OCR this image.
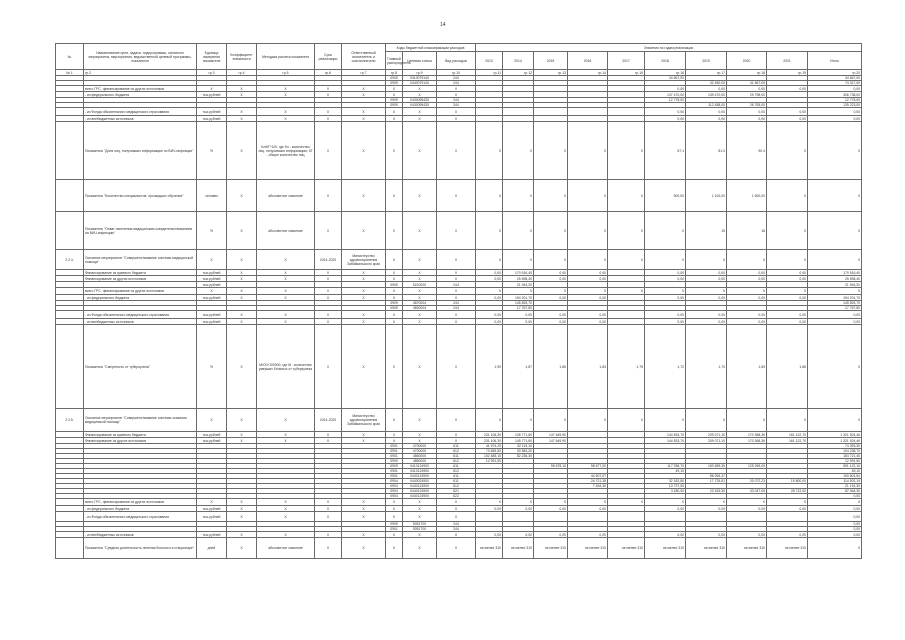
14
№	Наименование цели, задачи, подпрограммы, основного мероприятия, мероприятия, ведомственной целевой программы, показателя	Единица измерения показателя	Коэффициент значимости	Методика расчета показателя	Срок реализации	Ответственный исполнитель и соисполнители	Коды бюджетной классификации расходов			Значения по годам реализации									
							Главный распорядитель	Целевая статья	Вид расходов	2013	2014	2015	2016	2017	2018	2019	2020	2021	Итого
№ 1	гр.2	гр.3	гр.4	гр.5	гр.6	гр.7	гр.8	гр.9	гр.10	гр.11	гр.12	гр.13	гр.14	гр.15	гр.16	гр.17	гр.18	гр.19	гр.20
							0909	0310079140	244						34 667,00				34 667,00
							0909	0440079140	244							32 450,00	41 867,00		74 317,00
	всего ГРС, финансирование из других источников	X	X	X	X	X	X	X	X						0,00	0,00	0,00	0,00	0,00
	- из федерального бюджета	тыс.рублей	X	X	X	X	X	X	X						137 470,00	139 470,00	29 798,00		306 738,00
							0909	0430095430	244						12 778,00				12 778,00
							0909	0430095430	244							112 458,00	26 765,00		139 223,00
	- из Фонда обязательного медицинского страхования	тыс.рублей	X	X	X	X	X	X	X						0,00	0,00	0,00	0,00	0,00
	- из внебюджетных источников	тыс.рублей	X	X	X	X	X	X	X						0,00	0,00	0,00	0,00	0,00
	Показатель "Доля лиц, получивших информацию по ВИЧ-инфекции"	%	X	Кл/КГ*100, где Кл - количество лиц, получивших информацию; КГ - общее количество лиц	X	X	X	X	X	X	X	X	X	X	67,1	81,0	90,4	X	X
	Показатель "Количество специалистов, прошедших обучение"	человек	X	абсолютное значение	X	X	X	X	X	X	X	X	X	X	500,00	1 100,00	1 500,00	X	X
	Показатель "Охват населения медицинским освидетельствованием на ВИЧ-инфекцию"	%	X	абсолютное значение	X	X	X	X	X	X	X	X	X	X	X	15	18	X	X
2.2.4.	Основное мероприятие "Совершенствование системы медицинской помощи"	X	X	X	2014-2020	Министерство здравоохранения Забайкальского края	X	X	X	X	X	X	X	X	X	X	X	X	X
	Финансирование из краевого бюджета	тыс.рублей	X	X	X	X	X	X	X	0,00	170 516,40	0,00	0,00		0,00	0,00	0,00	0,00	170 516,40
	Финансирование из других источников	тыс.рублей	X	X	X	X	X	X	X	0,00	25 598,40	0,00	0,00		0,00	0,00	0,00	0,00	25 598,40
		тыс.рублей					0909	5210000	244		21 944,20								21 944,20
	всего ГРС, финансирование из других источников	X	X	X	X	X	X	X	X	X	X	X	X	X	X	X	X	X	X
	- из федерального бюджета	тыс.рублей	X	X	X	X	X	X	X	0,00	194 201,70	0,00	0,00		0,00	0,00	0,00	0,00	194 201,70
							0909	4870004	244		145 825,70								145 825,70
							0909	4820004	244		17 767,80								17 767,80
	- из Фонда обязательного медицинского страхования	тыс.рублей	X	X	X	X	X	X	X	0,00	0,00	0,00	0,00		0,00	0,00	0,00	0,00	0,00
	- из внебюджетных источников	тыс.рублей	X	X	X	X	X	X	X	0,00	0,00	0,00	0,00		0,00	0,00	0,00	0,00	0,00
	Показатель "Смертность от туберкулеза"	%	X	М/ОЧ*100000, где М - количество умерших больных от туберкулеза	X	X	X	X	X	1,90	1,87	1,85	1,83	1,75	1,72	1,70	1,69	1,68	X
2.2.5.	Основное мероприятие "Совершенствование системы оказания медицинской помощи"	X	X	X	2014-2020	Министерство здравоохранения Забайкальского края	X	X	X	X	X	X	X	X	X	X	X	X	X
	Финансирование из краевого бюджета	тыс.рублей	X	X	X	X	X	X	X	231 106,30	145 771,60	147 649,90			144 833,70	209 071,10	170 368,36	161 122,70	1 321 924,46
	Финансирование из других источников	тыс.рублей	X	X	X	X	X	X	X	231 106,30	145 771,60	147 649,90			144 833,70	209 071,10	170 368,36	161 122,70	1 321 924,46
							0901	4700000	611	41 974,20	32 119,10								74 093,30
							0901	4700000	612	73 655,50	30 583,20								104 238,70
							0901	4860000	611	102 485,10	82 236,30								184 721,40
							0909	4860000	612	12 991,50									12 991,50
							0909	0410124900	611			95 578,10	98 677,00		117 938,70	153 659,30	125 269,00		591 122,10
							0901	0410124900	612						49,10				49,10
							0901	0440124900	611				44 507,07			56 094,47			100 601,54
							0904	0440024900	611				24 721,35		32 182,80	17 725,81	20 072,23	19 800,00	114 502,19
							0904	0440124900	612				7 454,30		13 737,00				21 191,30
							0904	0440124900	621						3 180,00	22 515,30	33 047,00	28 722,00	87 464,30
							0904	0440124900	622										0,00
	всего ГРС, финансирование из других источников	X	X	X	X	X	X	X	X	X	X	X	X	X	X	X	X	X	X
	- из федерального бюджета	тыс.рублей	X	X	X	X	X	X	X	0,00	0,00	0,00	0,00		0,00	0,00	0,00	0,00	0,00
	- из Фонда обязательного медицинского страхования	тыс.рублей	X	X	X	X	X	X	X										0,00
							0909	5051700	244										0,00
							0901	5051700	244										0,00
	- из внебюджетных источников	тыс.рублей	X	X	X	X	X	X	X	0,00	0,00	0,00	0,00		0,00	0,00	0,00	0,00	0,00
	Показатель "Средняя длительность лечения больного в стационаре"	дней	X	абсолютное значение	X	X	X	X	X	не менее 310	не менее 310	не менее 310	не менее 310	не менее 310	не менее 310	не менее 310	не менее 310	не менее 310	X
